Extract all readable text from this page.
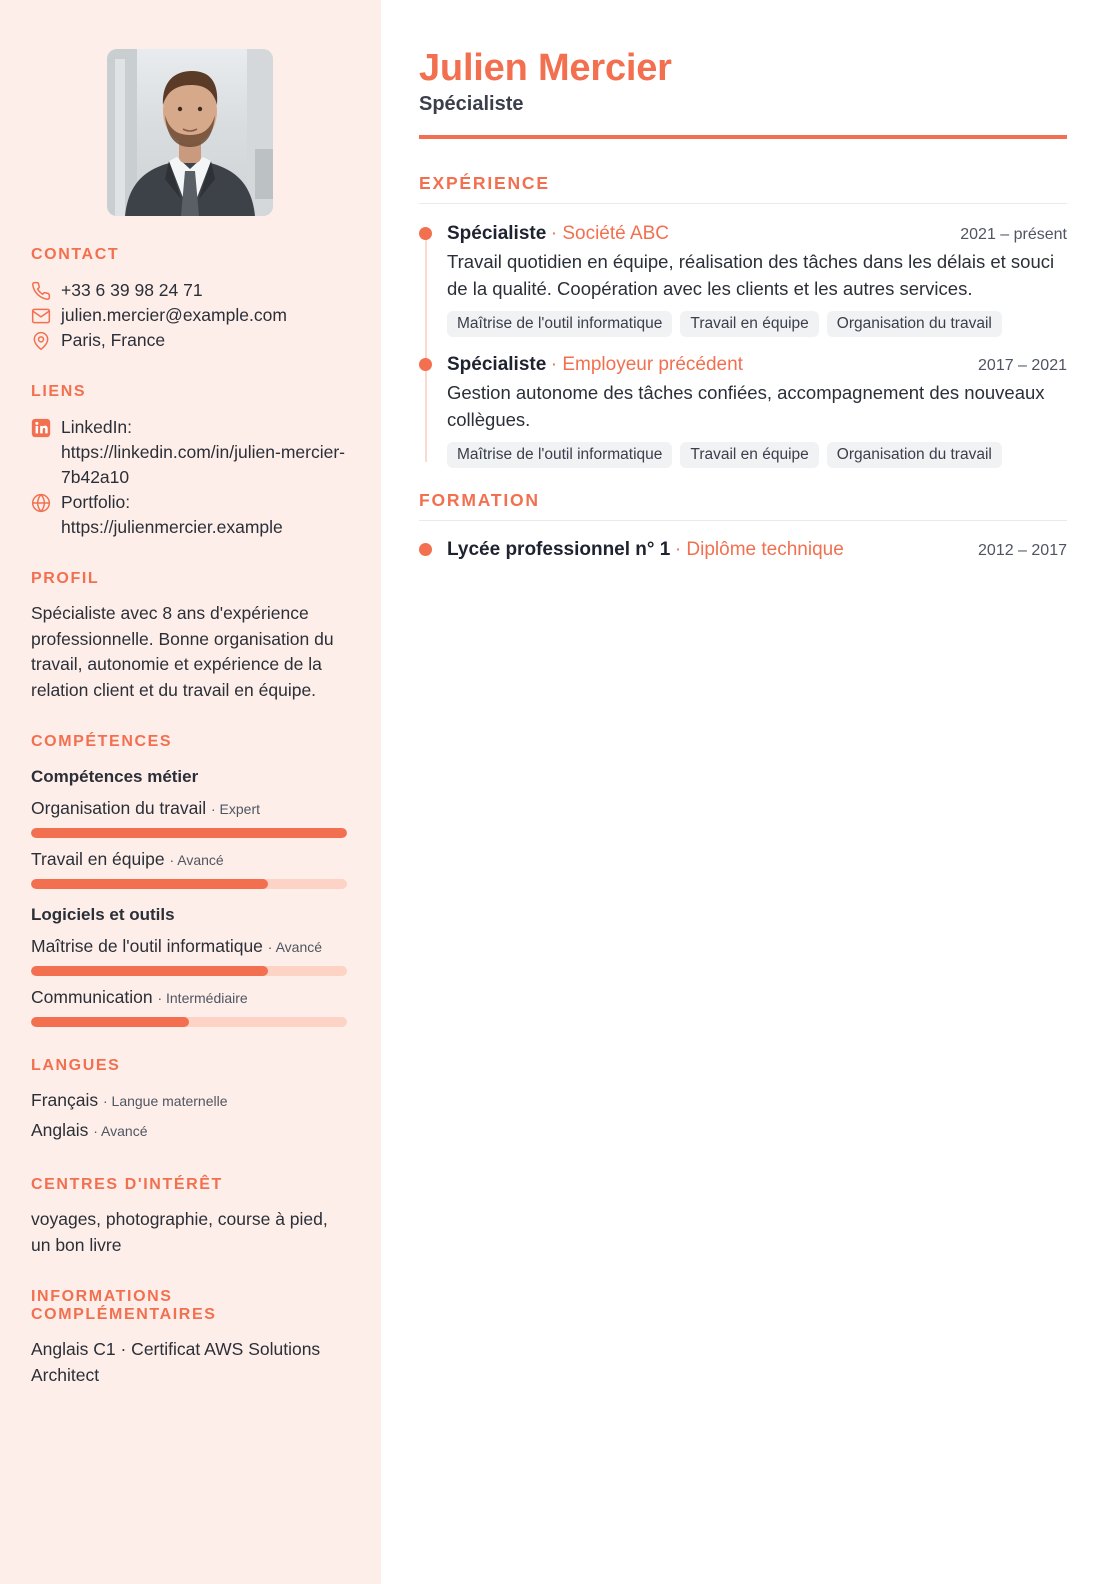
CONTACT
+33 6 39 98 24 71
julien.mercier@example.com
Paris, France
LIENS
LinkedIn:
https://linkedin.com/in/julien-mercier-7b42a10
Portfolio:
https://julienmercier.example
PROFIL

Spécialiste avec 8 ans d'expérience professionnelle. Bonne organisation du travail, autonomie et expérience de la relation client et du travail en équipe.

COMPÉTENCES
Compétences métier
Organisation du travail · Expert
Travail en équipe · Avancé
Logiciels et outils
Maîtrise de l'outil informatique · Avancé
Communication · Intermédiaire
LANGUES
Français · Langue maternelle
Anglais · Avancé
CENTRES D'INTÉRÊT

voyages, photographie, course à pied, un bon livre

INFORMATIONS COMPLÉMENTAIRES

Anglais C1 · Certificat AWS Solutions Architect

Julien Mercier
Spécialiste
EXPÉRIENCE
Spécialiste · Société ABC	2021 – présent

Travail quotidien en équipe, réalisation des tâches dans les délais et souci de la qualité. Coopération avec les clients et les autres services.

Maîtrise de l'outil informatique	Travail en équipe	Organisation du travail
Spécialiste · Employeur précédent	2017 – 2021

Gestion autonome des tâches confiées, accompagnement des nouveaux collègues.

Maîtrise de l'outil informatique	Travail en équipe	Organisation du travail
FORMATION
Lycée professionnel n° 1 · Diplôme technique	2012 – 2017
